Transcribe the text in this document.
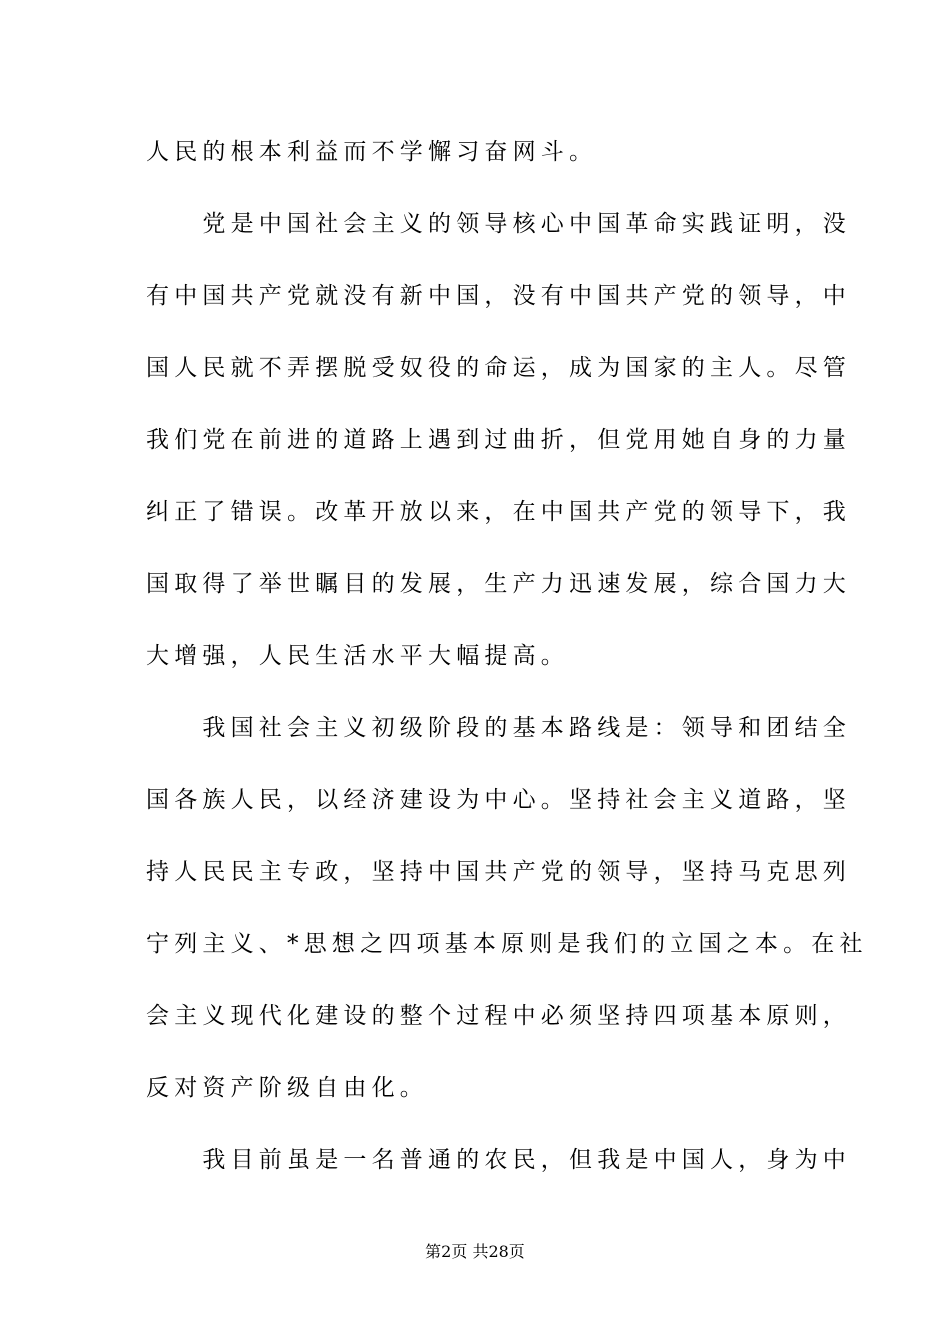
人民的根本利益而不学懈习奋网斗。
　　党是中国社会主义的领导核心中国革命实践证明，没
有中国共产党就没有新中国，没有中国共产党的领导，中
国人民就不弄摆脱受奴役的命运，成为国家的主人。尽管
我们党在前进的道路上遇到过曲折，但党用她自身的力量
纠正了错误。改革开放以来，在中国共产党的领导下，我
国取得了举世瞩目的发展，生产力迅速发展，综合国力大
大增强，人民生活水平大幅提高。
　　我国社会主义初级阶段的基本路线是：领导和团结全
国各族人民，以经济建设为中心。坚持社会主义道路，坚
持人民民主专政，坚持中国共产党的领导，坚持马克思列
宁列主义、*思想之四项基本原则是我们的立国之本。在社
会主义现代化建设的整个过程中必须坚持四项基本原则，
反对资产阶级自由化。
　　我目前虽是一名普通的农民，但我是中国人，身为中
第2页 共28页
